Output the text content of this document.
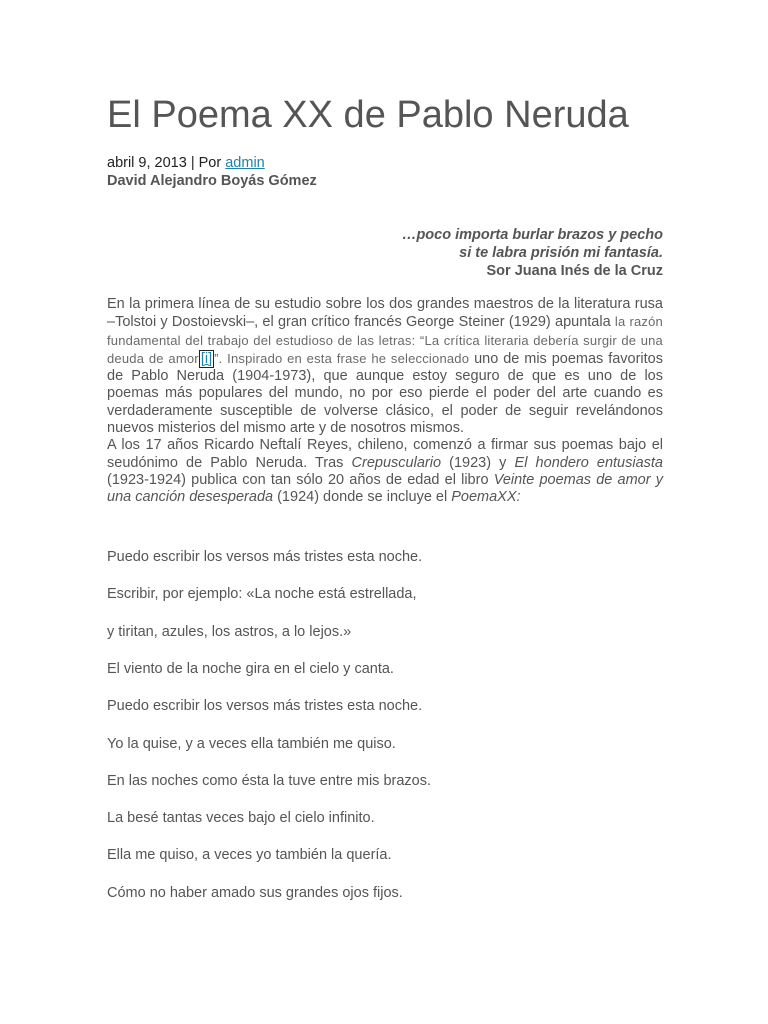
El Poema XX de Pablo Neruda
abril 9, 2013 | Por admin
David Alejandro Boyás Gómez
…poco importa burlar brazos y pecho
si te labra prisión mi fantasía.
Sor Juana Inés de la Cruz

En la primera línea de su estudio sobre los dos grandes maestros de la literatura rusa –Tolstoi y Dostoievski–, el gran crítico francés George Steiner (1929) apuntala la razón fundamental del trabajo del estudioso de las letras: “La crítica literaria debería surgir de una deuda de amor [i] ”. Inspirado en esta frase he seleccionado uno de mis poemas favoritos de Pablo Neruda (1904-1973), que aunque estoy seguro de que es uno de los poemas más populares del mundo, no por eso pierde el poder del arte cuando es verdaderamente susceptible de volverse clásico, el poder de seguir revelándonos nuevos misterios del mismo arte y de nosotros mismos.

A los 17 años Ricardo Neftalí Reyes, chileno, comenzó a firmar sus poemas bajo el seudónimo de Pablo Neruda. Tras Crepusculario (1923) y El hondero entusiasta (1923-1924) publica con tan sólo 20 años de edad el libro Veinte poemas de amor y una canción desesperada (1924) donde se incluye el PoemaXX:

Puedo escribir los versos más tristes esta noche.
Escribir, por ejemplo: «La noche está estrellada,
y tiritan, azules, los astros, a lo lejos.»
El viento de la noche gira en el cielo y canta.
Puedo escribir los versos más tristes esta noche.
Yo la quise, y a veces ella también me quiso.
En las noches como ésta la tuve entre mis brazos.
La besé tantas veces bajo el cielo infinito.
Ella me quiso, a veces yo también la quería.
Cómo no haber amado sus grandes ojos fijos.
